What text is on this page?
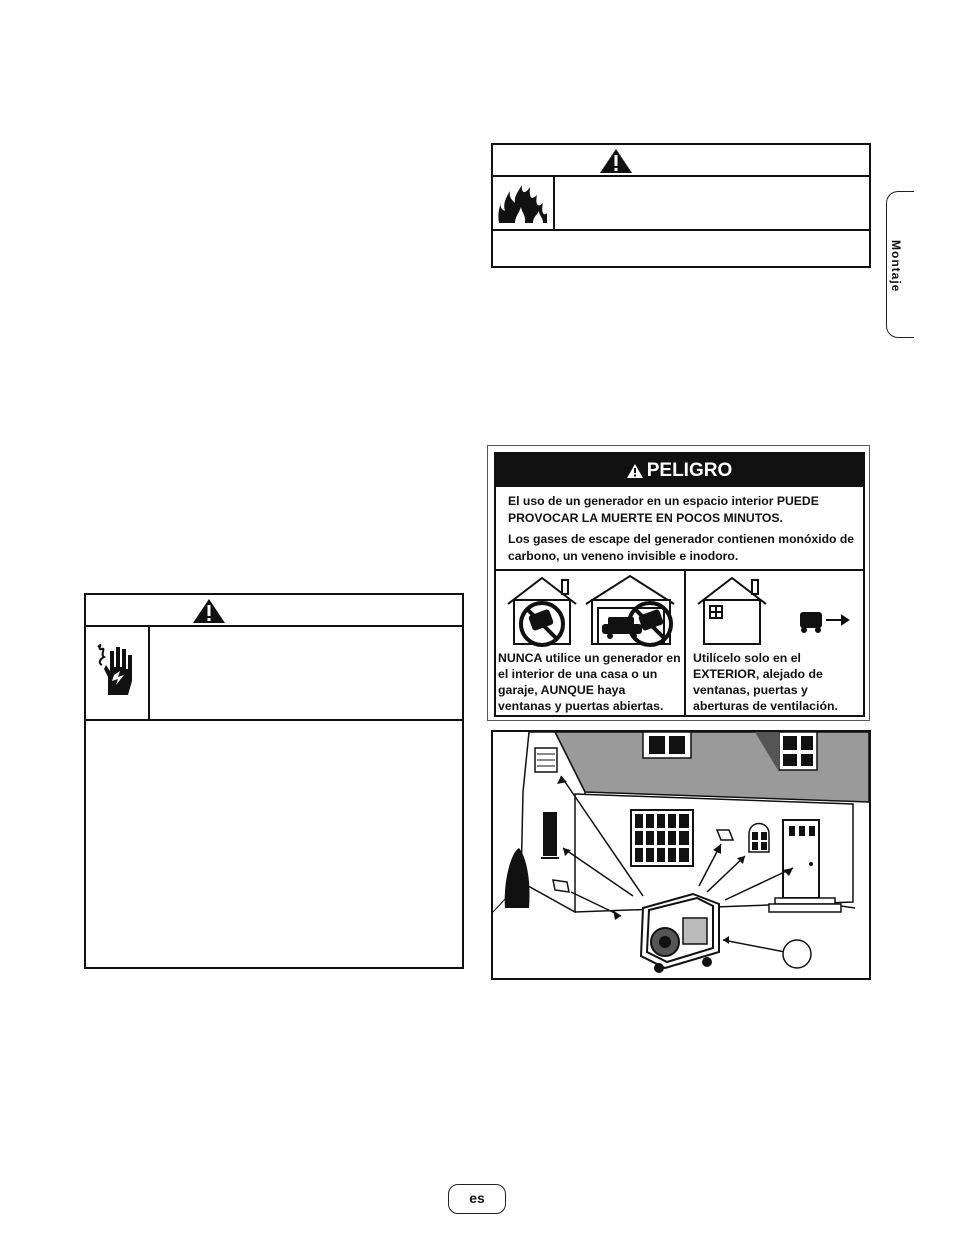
Montaje
PELIGRO

El uso de un generador en un espacio interior PUEDE PROVOCAR LA MUERTE EN POCOS MINUTOS.

Los gases de escape del generador contienen monóxido de carbono, un veneno invisible e inodoro.

NUNCA utilice un generador en el interior de una casa o un garaje, AUNQUE haya ventanas y puertas abiertas.
Utilícelo solo en el EXTERIOR, alejado de ventanas, puertas y aberturas de ventilación.
es
